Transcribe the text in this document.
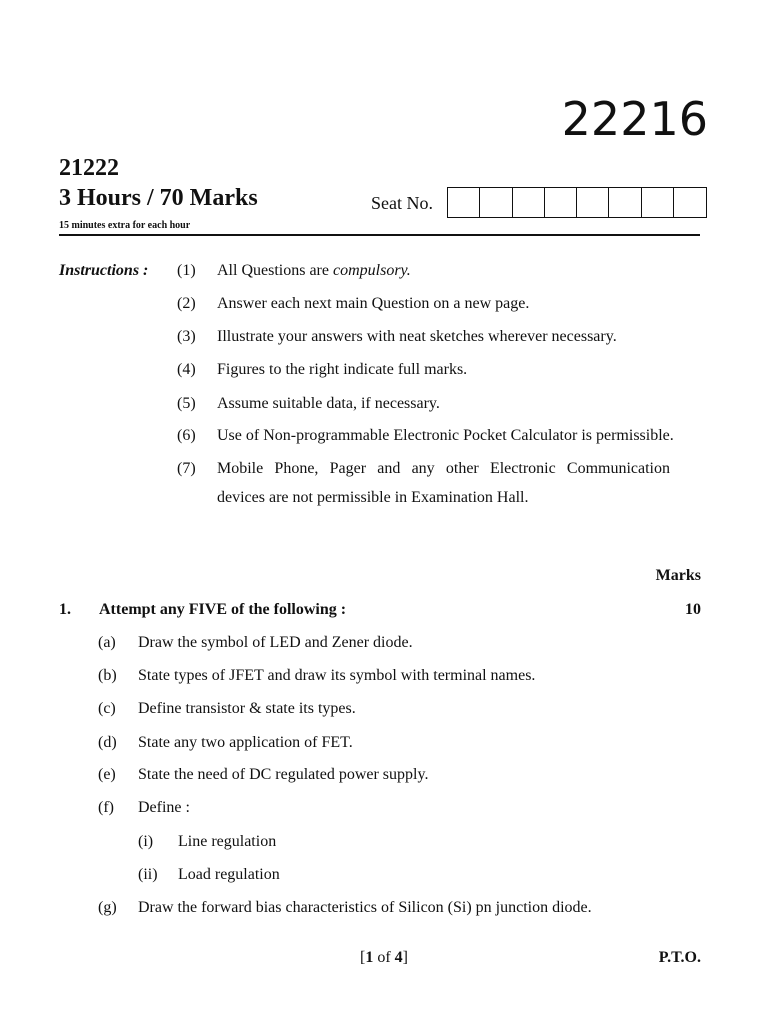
22216
21222
3 Hours / 70 Marks
15 minutes extra for each hour
Seat No.
Instructions : (1) All Questions are compulsory.
(2) Answer each next main Question on a new page.
(3) Illustrate your answers with neat sketches wherever necessary.
(4) Figures to the right indicate full marks.
(5) Assume suitable data, if necessary.
(6) Use of Non-programmable Electronic Pocket Calculator is permissible.
(7) Mobile Phone, Pager and any other Electronic Communication devices are not permissible in Examination Hall.
Marks
1. Attempt any FIVE of the following :	10
(a) Draw the symbol of LED and Zener diode.
(b) State types of JFET and draw its symbol with terminal names.
(c) Define transistor & state its types.
(d) State any two application of FET.
(e) State the need of DC regulated power supply.
(f) Define :
(i) Line regulation
(ii) Load regulation
(g) Draw the forward bias characteristics of Silicon (Si) pn junction diode.
[1 of 4]	P.T.O.
